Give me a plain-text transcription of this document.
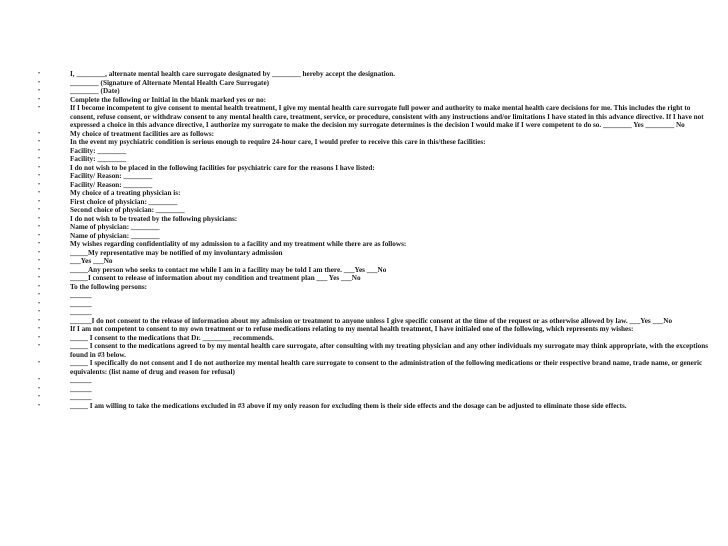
•	I, ________, alternate mental health care surrogate designated by ________ hereby accept the designation.
•	________ (Signature of Alternate Mental Health Care Surrogate)
•	________ (Date)
•	Complete the following or Initial in the blank marked yes or no:
•	If I become incompetent to give consent to mental health treatment, I give my mental health care surrogate full power and authority to make mental health care decisions for me. This includes the right to consent, refuse consent, or withdraw consent to any mental health care, treatment, service, or procedure, consistent with any instructions and/or limitations I have stated in this advance directive. If I have not expressed a choice in this advance directive, I authorize my surrogate to make the decision my surrogate determines is the decision I would make if I were competent to do so. ________ Yes ________ No
•	My choice of treatment facilities are as follows:
•	In the event my psychiatric condition is serious enough to require 24-hour care, I would prefer to receive this care in this/these facilities:
•	Facility: ________
•	Facility: ________
•	I do not wish to be placed in the following facilities for psychiatric care for the reasons I have listed:
•	Facility/ Reason: ________
•	Facility/ Reason: ________
•	My choice of a treating physician is:
•	First choice of physician: ________
•	Second choice of physician: ________
•	I do not wish to be treated by the following physicians:
•	Name of physician: ________
•	Name of physician: ________
•	My wishes regarding confidentiality of my admission to a facility and my treatment while there are as follows:
•	_____My representative may be notified of my involuntary admission
•	___Yes ___No
•	_____Any person who seeks to contact me while I am in a facility may be told I am there. ___Yes ___No
•	_____I consent to release of information about my condition and treatment plan ___ Yes ___No
•	To the following persons:
•	______
•	______
•	______
•	______I do not consent to the release of information about my admission or treatment to anyone unless I give specific consent at the time of the request or as otherwise allowed by law. ___Yes ___No
•	If I am not competent to consent to my own treatment or to refuse medications relating to my mental health treatment, I have initialed one of the following, which represents my wishes:
•	_____ I consent to the medications that Dr. ________ recommends.
•	_____ I consent to the medications agreed to by my mental health care surrogate, after consulting with my treating physician and any other individuals my surrogate may think appropriate, with the exceptions found in #3 below.
•	_____ I specifically do not consent and I do not authorize my mental health care surrogate to consent to the administration of the following medications or their respective brand name, trade name, or generic equivalents: (list name of drug and reason for refusal)
•	______
•	______
•	______
•	_____ I am willing to take the medications excluded in #3 above if my only reason for excluding them is their side effects and the dosage can be adjusted to eliminate those side effects.
